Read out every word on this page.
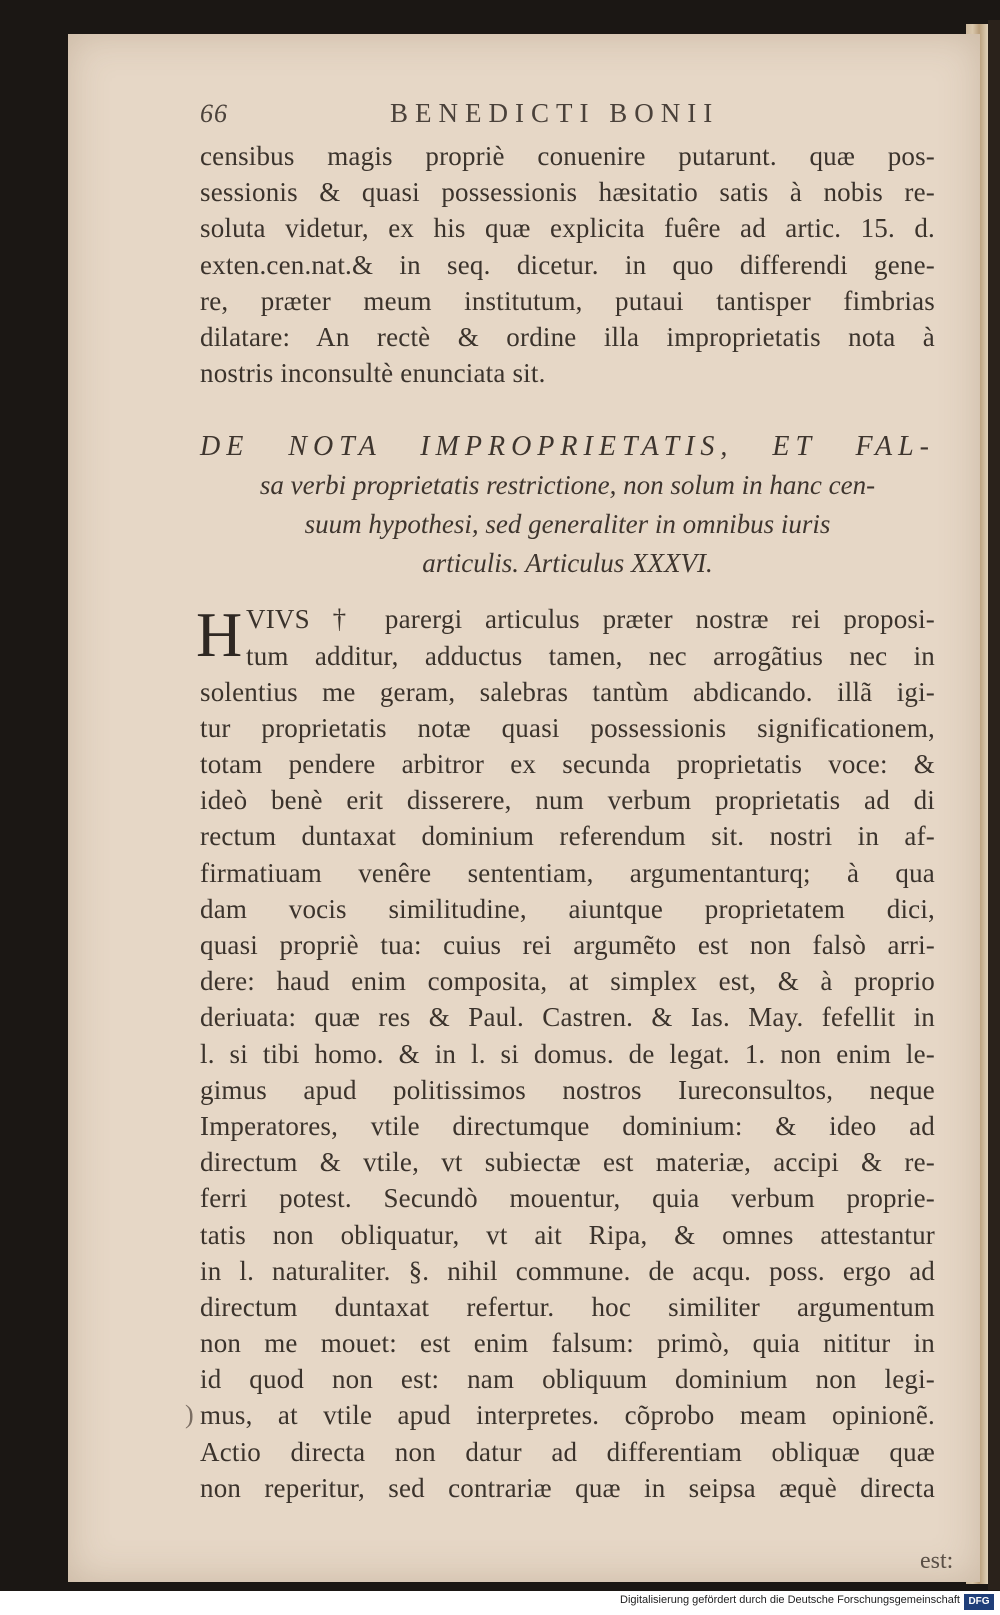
66	BENEDICTI BONII
censibus magis propriè conuenire putarunt. quæ pos-
sessionis & quasi possessionis hæsitatio satis à nobis re-
soluta videtur, ex his quæ explicita fuêre ad artic. 15. d.
exten.cen.nat.& in seq. dicetur. in quo differendi gene-
re, præter meum institutum, putaui tantisper fimbrias
dilatare: An rectè & ordine illa improprietatis nota à
nostris inconsultè enunciata sit.
DE NOTA IMPROPRIETATIS, ET FAL-
sa verbi proprietatis restrictione, non solum in hanc cen-
suum hypothesi, sed generaliter in omnibus iuris
articulis. Articulus XXXVI.
H VIVS † parergi articulus præter nostræ rei proposi-
tum additur, adductus tamen, nec arrogãtius nec in
solentius me geram, salebras tantùm abdicando. illã igi-
tur proprietatis notæ quasi possessionis significationem,
totam pendere arbitror ex secunda proprietatis voce: &
ideò benè erit disserere, num verbum proprietatis ad di
rectum duntaxat dominium referendum sit. nostri in af-
firmatiuam venêre sententiam, argumentanturq; à qua
dam vocis similitudine, aiuntque proprietatem dici,
quasi propriè tua: cuius rei argumẽto est non falsò arri-
dere: haud enim composita, at simplex est, & à proprio
deriuata: quæ res & Paul. Castren. & Ias. May. fefellit in
l. si tibi homo. & in l. si domus. de legat. 1. non enim le-
gimus apud politissimos nostros Iureconsultos, neque
Imperatores, vtile directumque dominium: & ideo ad
directum & vtile, vt subiectæ est materiæ, accipi & re-
ferri potest. Secundò mouentur, quia verbum proprie-
tatis non obliquatur, vt ait Ripa, & omnes attestantur
in l. naturaliter. §. nihil commune. de acqu. poss. ergo ad
directum duntaxat refertur. hoc similiter argumentum
non me mouet: est enim falsum: primò, quia nititur in
id quod non est: nam obliquum dominium non legi-
mus, at vtile apud interpretes. cõprobo meam opinionẽ.
Actio directa non datur ad differentiam obliquæ quæ
non reperitur, sed contrariæ quæ in seipsa æquè directa
)
est:
Digitalisierung gefördert durch die Deutsche Forschungsgemeinschaft DFG
